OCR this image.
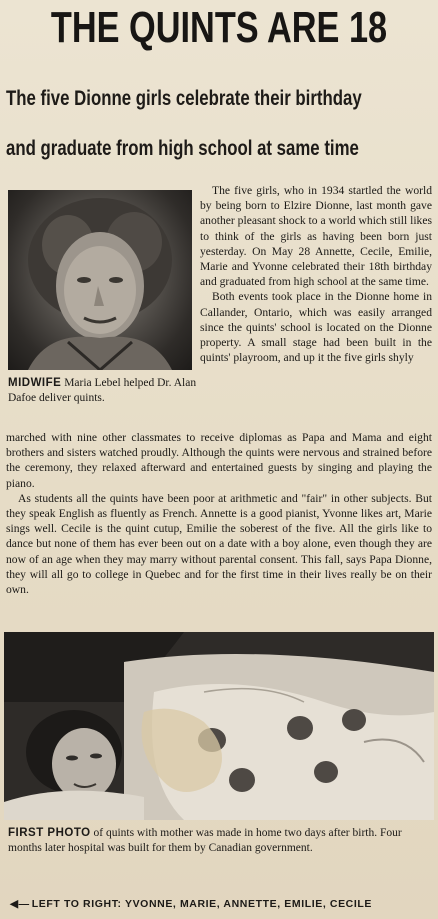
THE QUINTS ARE 18
The five Dionne girls celebrate their birthday
and graduate from high school at same time
MIDWIFE Maria Lebel helped Dr. Alan Dafoe deliver quints.

The five girls, who in 1934 startled the world by being born to Elzire Dionne, last month gave another pleasant shock to a world which still likes to think of the girls as having been born just yesterday. On May 28 Annette, Cecile, Emilie, Marie and Yvonne celebrated their 18th birthday and graduated from high school at the same time.

Both events took place in the Dionne home in Callander, Ontario, which was easily arranged since the quints' school is located on the Dionne property. A small stage had been built in the quints' playroom, and up it the five girls shyly

marched with nine other classmates to receive diplomas as Papa and Mama and eight brothers and sisters watched proudly. Although the quints were nervous and strained before the ceremony, they relaxed afterward and entertained guests by singing and playing the piano.

As students all the quints have been poor at arithmetic and "fair" in other subjects. But they speak English as fluently as French. Annette is a good pianist, Yvonne likes art, Marie sings well. Cecile is the quint cutup, Emilie the soberest of the five. All the girls like to dance but none of them has ever been out on a date with a boy alone, even though they are now of an age when they may marry without parental consent. This fall, says Papa Dionne, they will all go to college in Quebec and for the first time in their lives really be on their own.

FIRST PHOTO of quints with mother was made in home two days after birth. Four months later hospital was built for them by Canadian government.
◀— LEFT TO RIGHT: YVONNE, MARIE, ANNETTE, EMILIE, CECILE
